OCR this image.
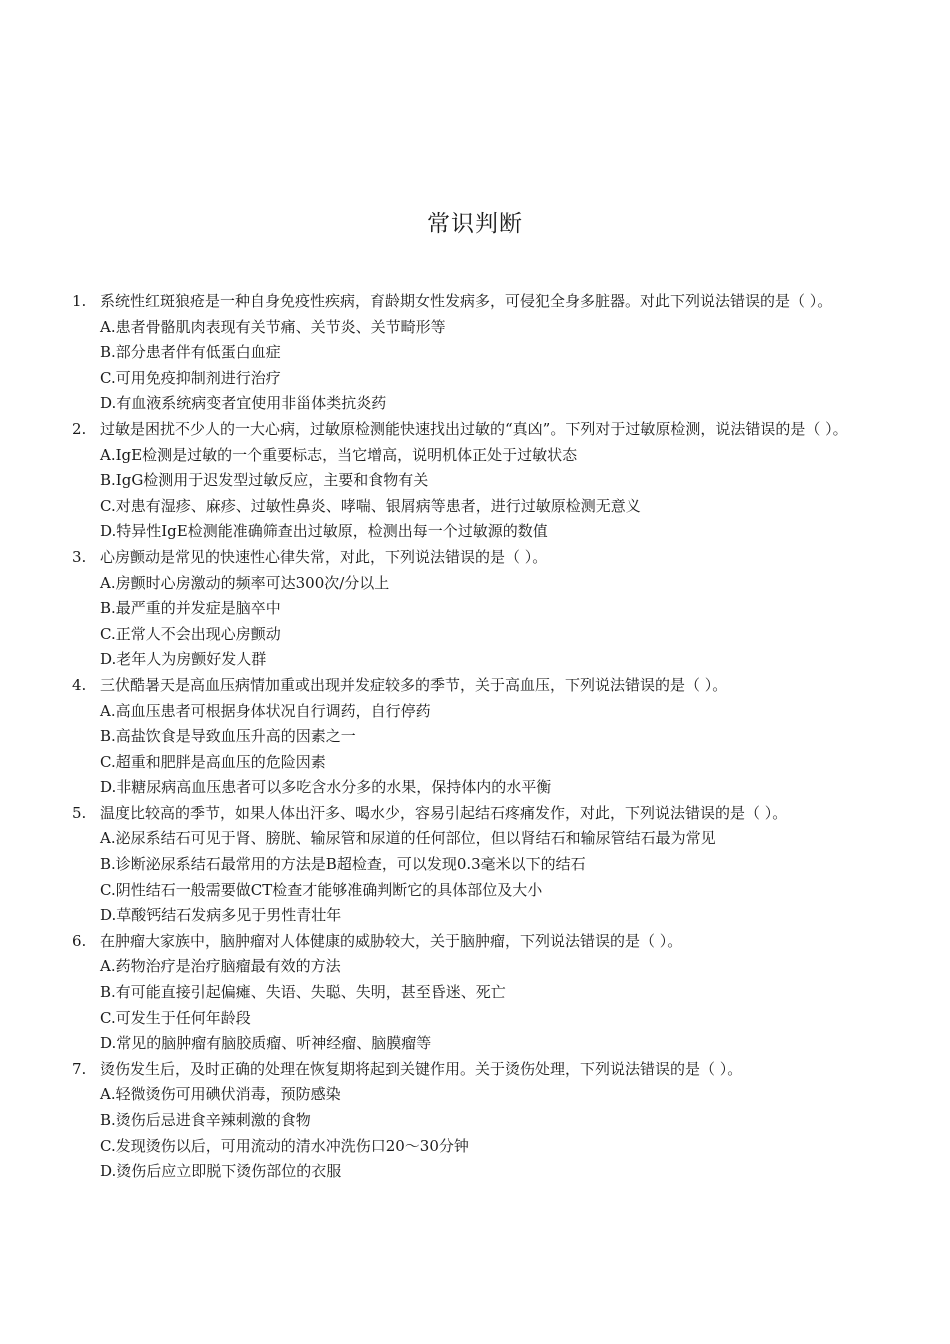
常识判断
1. 系统性红斑狼疮是一种自身免疫性疾病，育龄期女性发病多，可侵犯全身多脏器。对此下列说法错误的是（ ）。
A.患者骨骼肌肉表现有关节痛、关节炎、关节畸形等
B.部分患者伴有低蛋白血症
C.可用免疫抑制剂进行治疗
D.有血液系统病变者宜使用非甾体类抗炎药
2. 过敏是困扰不少人的一大心病，过敏原检测能快速找出过敏的“真凶”。下列对于过敏原检测，说法错误的是（ ）。
A.IgE检测是过敏的一个重要标志，当它增高，说明机体正处于过敏状态
B.IgG检测用于迟发型过敏反应，主要和食物有关
C.对患有湿疹、麻疹、过敏性鼻炎、哮喘、银屑病等患者，进行过敏原检测无意义
D.特异性IgE检测能准确筛查出过敏原，检测出每一个过敏源的数值
3. 心房颤动是常见的快速性心律失常，对此，下列说法错误的是（ ）。
A.房颤时心房激动的频率可达300次/分以上
B.最严重的并发症是脑卒中
C.正常人不会出现心房颤动
D.老年人为房颤好发人群
4. 三伏酷暑天是高血压病情加重或出现并发症较多的季节，关于高血压，下列说法错误的是（ ）。
A.高血压患者可根据身体状况自行调药，自行停药
B.高盐饮食是导致血压升高的因素之一
C.超重和肥胖是高血压的危险因素
D.非糖尿病高血压患者可以多吃含水分多的水果，保持体内的水平衡
5. 温度比较高的季节，如果人体出汗多、喝水少，容易引起结石疼痛发作，对此，下列说法错误的是（ ）。
A.泌尿系结石可见于肾、膀胱、输尿管和尿道的任何部位，但以肾结石和输尿管结石最为常见
B.诊断泌尿系结石最常用的方法是B超检查，可以发现0.3毫米以下的结石
C.阴性结石一般需要做CT检查才能够准确判断它的具体部位及大小
D.草酸钙结石发病多见于男性青壮年
6. 在肿瘤大家族中，脑肿瘤对人体健康的威胁较大，关于脑肿瘤，下列说法错误的是（ ）。
A.药物治疗是治疗脑瘤最有效的方法
B.有可能直接引起偏瘫、失语、失聪、失明，甚至昏迷、死亡
C.可发生于任何年龄段
D.常见的脑肿瘤有脑胶质瘤、听神经瘤、脑膜瘤等
7. 烫伤发生后，及时正确的处理在恢复期将起到关键作用。关于烫伤处理，下列说法错误的是（ ）。
A.轻微烫伤可用碘伏消毒，预防感染
B.烫伤后忌进食辛辣刺激的食物
C.发现烫伤以后，可用流动的清水冲洗伤口20～30分钟
D.烫伤后应立即脱下烫伤部位的衣服
